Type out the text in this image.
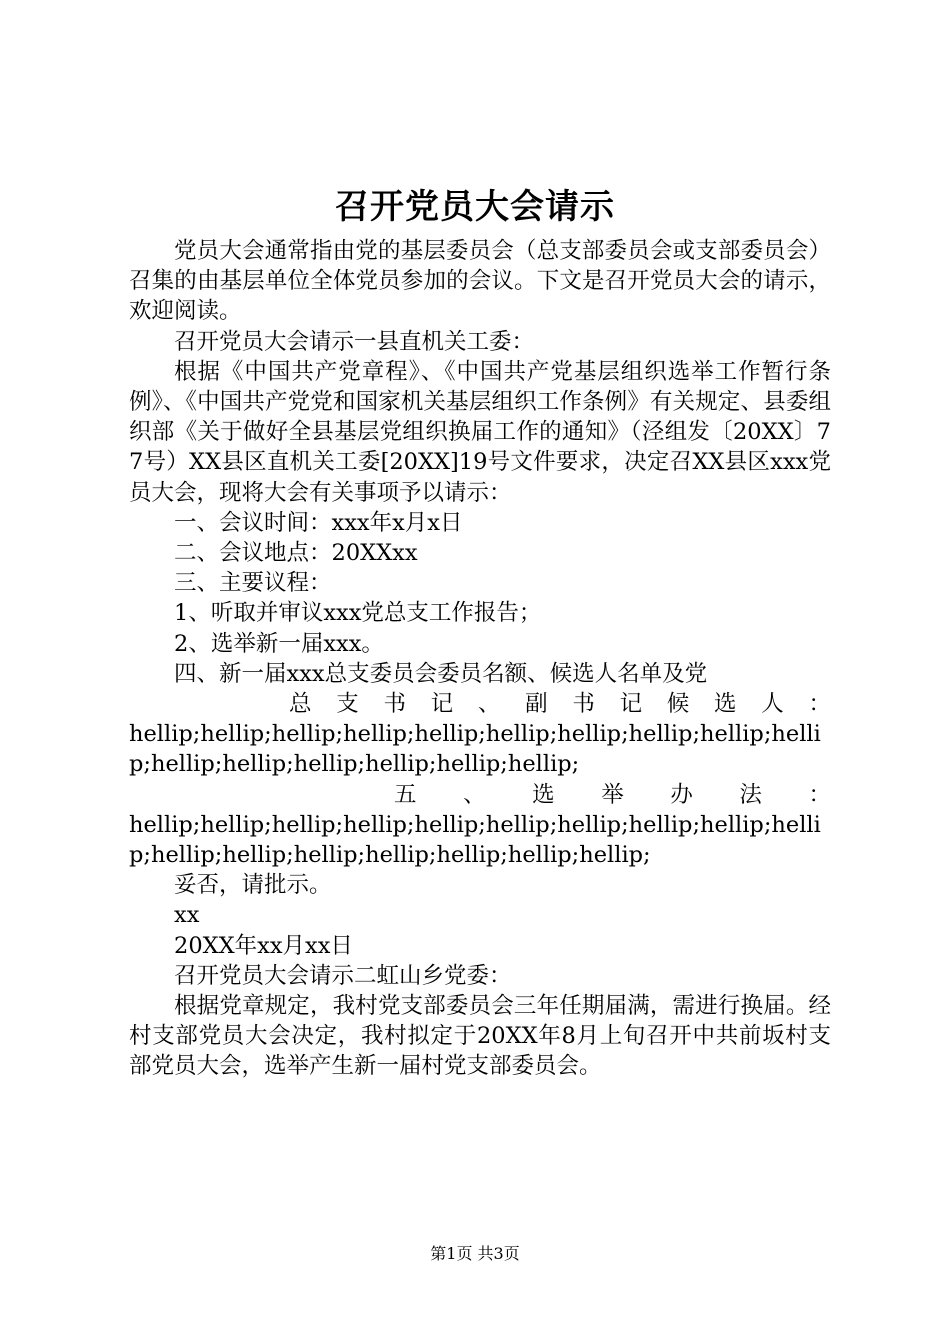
召开党员大会请示

党员大会通常指由党的基层委员会（总支部委员会或支部委员会）召集的由基层单位全体党员参加的会议。下文是召开党员大会的请示，欢迎阅读。

召开党员大会请示一县直机关工委：

根据《中国共产党章程》、《中国共产党基层组织选举工作暂行条例》、《中国共产党党和国家机关基层组织工作条例》有关规定、县委组织部《关于做好全县基层党组织换届工作的通知》（泾组发〔20XX〕77号）XX县区直机关工委[20XX]19号文件要求，决定召XX县区xxx党员大会，现将大会有关事项予以请示：

一、会议时间：xxx年x月x日

二、会议地点：20XXxx

三、主要议程：

1、听取并审议xxx党总支工作报告；

2、选举新一届xxx。

四、新一届xxx总支委员会委员名额、候选人名单及党

总支书记、副书记候选人：

hellip;hellip;hellip;hellip;hellip;hellip;hellip;hellip;hellip;hellip;hellip;hellip;hellip;hellip;hellip;hellip;

五、选举办法：

hellip;hellip;hellip;hellip;hellip;hellip;hellip;hellip;hellip;hellip;hellip;hellip;hellip;hellip;hellip;hellip;hellip;

妥否，请批示。

xx

20XX年xx月xx日

召开党员大会请示二虹山乡党委：

根据党章规定，我村党支部委员会三年任期届满，需进行换届。经村支部党员大会决定，我村拟定于20XX年8月上旬召开中共前坂村支部党员大会，选举产生新一届村党支部委员会。

第1页 共3页
